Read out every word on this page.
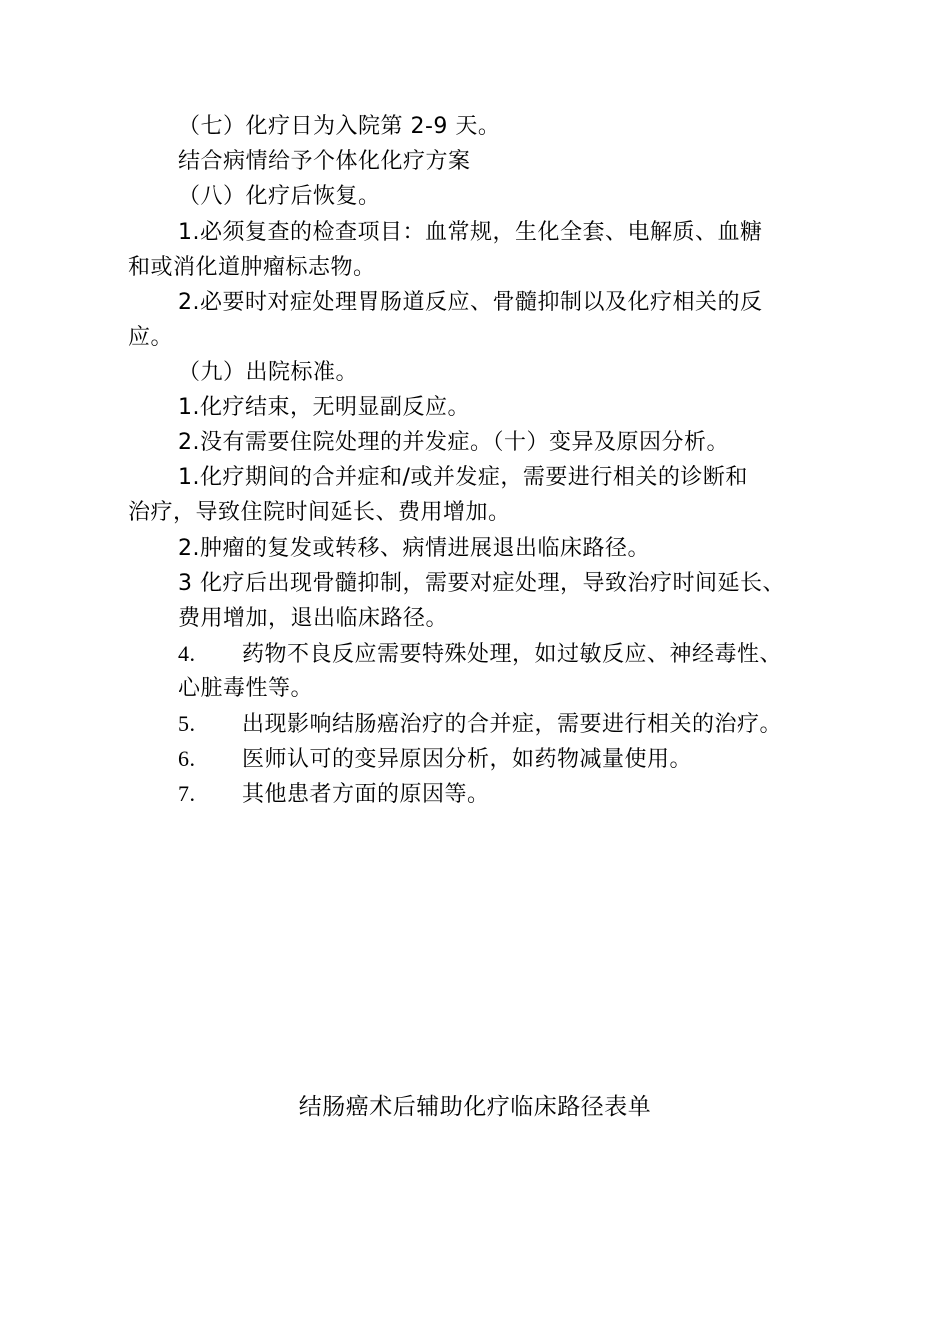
（七）化疗日为入院第 2-9 天。
结合病情给予个体化化疗方案
（八）化疗后恢复。
1.必须复查的检查项目：血常规，生化全套、电解质、血糖
和或消化道肿瘤标志物。
2.必要时对症处理胃肠道反应、骨髓抑制以及化疗相关的反
应。
（九）出院标准。
1.化疗结束，无明显副反应。
2.没有需要住院处理的并发症。（十）变异及原因分析。
1.化疗期间的合并症和/或并发症，需要进行相关的诊断和
治疗，导致住院时间延长、费用增加。
2.肿瘤的复发或转移、病情进展退出临床路径。
3 化疗后出现骨髓抑制，需要对症处理，导致治疗时间延长、
费用增加，退出临床路径。
4. 药物不良反应需要特殊处理，如过敏反应、神经毒性、
心脏毒性等。
5. 出现影响结肠癌治疗的合并症，需要进行相关的治疗。
6. 医师认可的变异原因分析，如药物减量使用。
7. 其他患者方面的原因等。
结肠癌术后辅助化疗临床路径表单
